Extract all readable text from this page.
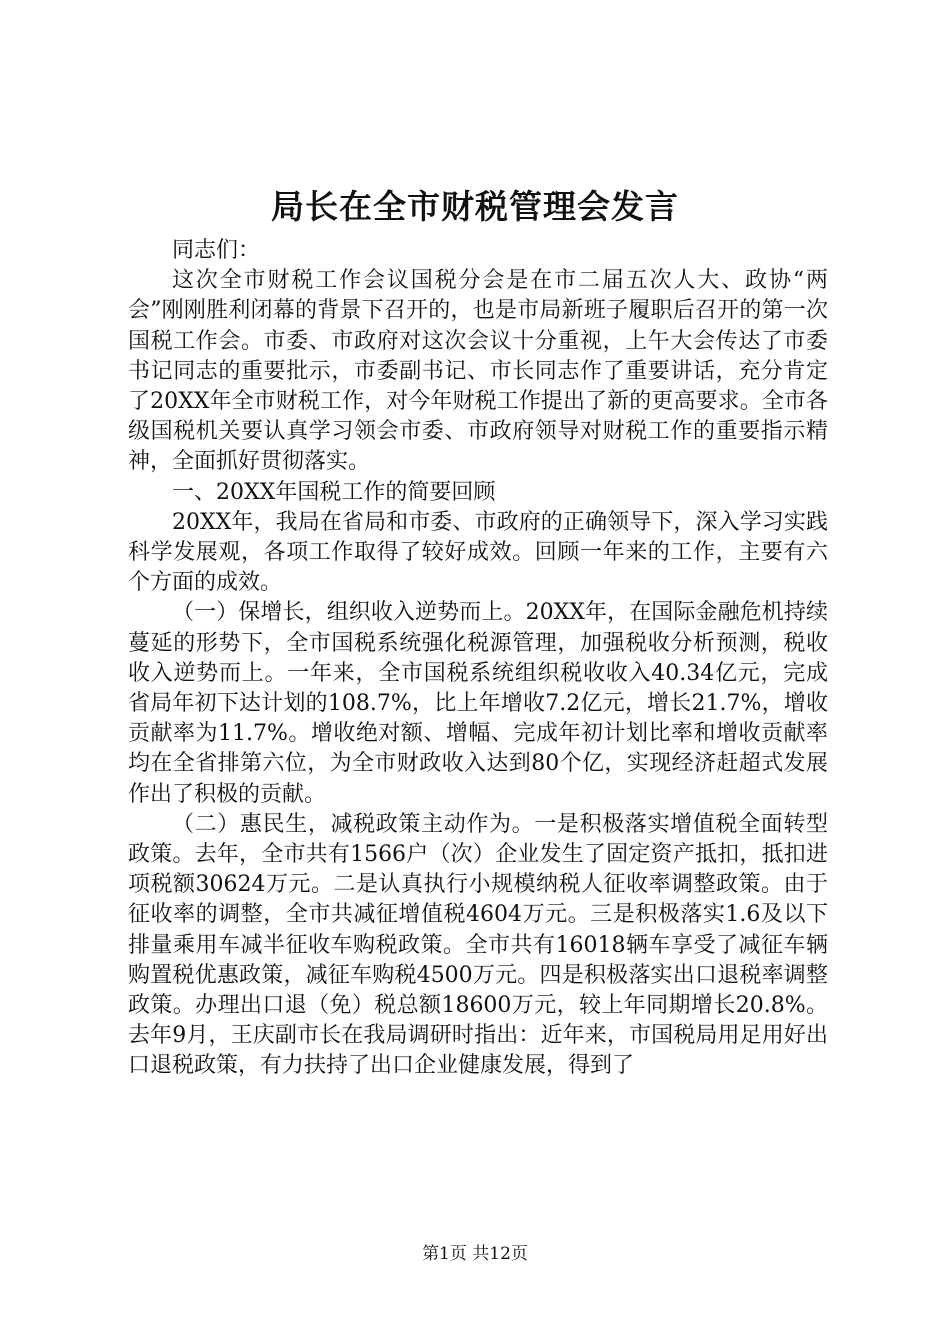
局长在全市财税管理会发言

同志们：

这次全市财税工作会议国税分会是在市二届五次人大、政协“两会”刚刚胜利闭幕的背景下召开的，也是市局新班子履职后召开的第一次国税工作会。市委、市政府对这次会议十分重视，上午大会传达了市委书记同志的重要批示，市委副书记、市长同志作了重要讲话，充分肯定了20XX年全市财税工作，对今年财税工作提出了新的更高要求。全市各级国税机关要认真学习领会市委、市政府领导对财税工作的重要指示精神，全面抓好贯彻落实。

一、20XX年国税工作的简要回顾

20XX年，我局在省局和市委、市政府的正确领导下，深入学习实践科学发展观，各项工作取得了较好成效。回顾一年来的工作，主要有六个方面的成效。

（一）保增长，组织收入逆势而上。20XX年，在国际金融危机持续蔓延的形势下，全市国税系统强化税源管理，加强税收分析预测，税收收入逆势而上。一年来，全市国税系统组织税收收入40.34亿元，完成省局年初下达计划的108.7%，比上年增收7.2亿元，增长21.7%，增收贡献率为11.7%。增收绝对额、增幅、完成年初计划比率和增收贡献率均在全省排第六位，为全市财政收入达到80个亿，实现经济赶超式发展作出了积极的贡献。

（二）惠民生，减税政策主动作为。一是积极落实增值税全面转型政策。去年，全市共有1566户（次）企业发生了固定资产抵扣，抵扣进项税额30624万元。二是认真执行小规模纳税人征收率调整政策。由于征收率的调整，全市共减征增值税4604万元。三是积极落实1.6及以下排量乘用车减半征收车购税政策。全市共有16018辆车享受了减征车辆购置税优惠政策，减征车购税4500万元。四是积极落实出口退税率调整政策。办理出口退（免）税总额18600万元，较上年同期增长20.8%。去年9月，王庆副市长在我局调研时指出：近年来，市国税局用足用好出口退税政策，有力扶持了出口企业健康发展，得到了

第1页 共12页
